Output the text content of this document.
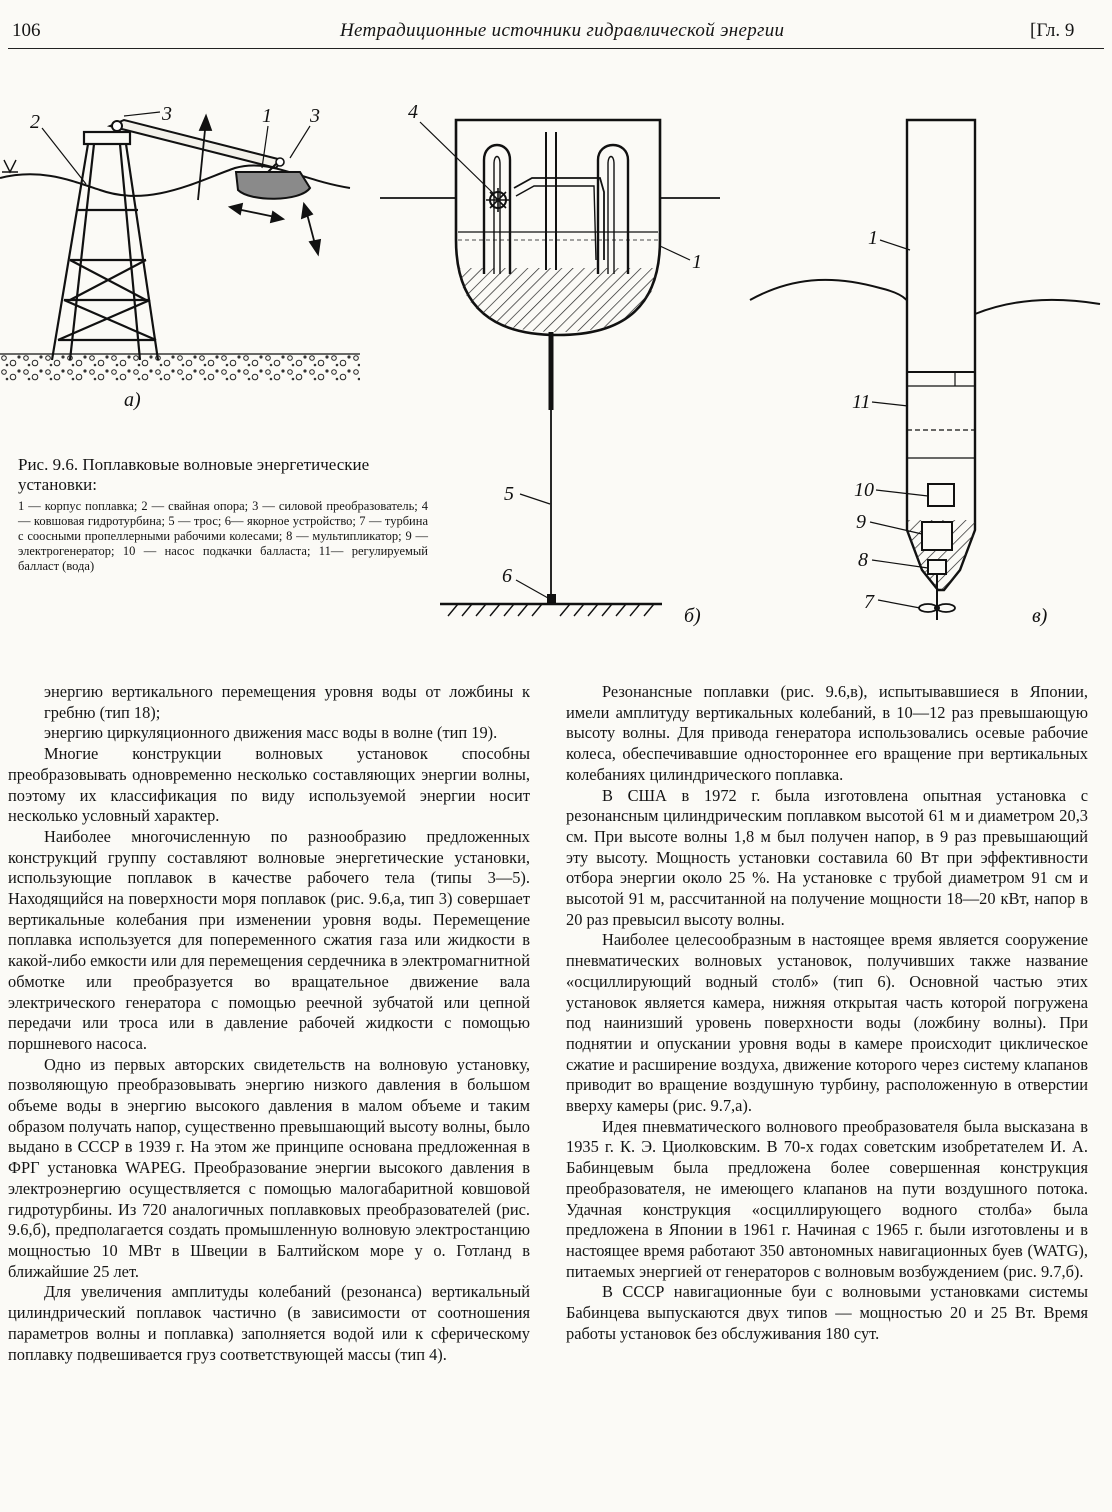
106	Нетрадиционные источники гидравлической энергии	[Гл. 9
2	3	1 3
а)
4
1
5
6
б)
1
11
10
9
8
7
в)
Рис. 9.6. Поплавковые волновые энергетические установки:
1 — корпус поплавка; 2 — свайная опора; 3 — силовой преобразователь; 4 — ковшовая гидротурбина; 5 — трос; 6— якорное устройство; 7 — турбина с соосными пропеллерными рабочими колесами; 8 — мультипликатор; 9 — электрогенератор; 10 — насос подкачки балласта; 11— регулируемый балласт (вода)

энергию вертикального перемещения уровня воды от ложбины к гребню (тип 18);

энергию циркуляционного движения масс воды в волне (тип 19).

Многие конструкции волновых установок способны преобразовывать одновременно несколько составляющих энергии волны, поэтому их классификация по виду используемой энергии носит несколько условный характер.

Наиболее многочисленную по разнообразию предложенных конструкций группу составляют волновые энергетические установки, использующие поплавок в качестве рабочего тела (типы 3—5). Находящийся на поверхности моря поплавок (рис. 9.6,а, тип 3) совершает вертикальные колебания при изменении уровня воды. Перемещение поплавка используется для попеременного сжатия газа или жидкости в какой-либо емкости или для перемещения сердечника в электромагнитной обмотке или преобразуется во вращательное движение вала электрического генератора с помощью реечной зубчатой или цепной передачи или троса или в давление рабочей жидкости с помощью поршневого насоса.

Одно из первых авторских свидетельств на волновую установку, позволяющую преобразовывать энергию низкого давления в большом объеме воды в энергию высокого давления в малом объеме и таким образом получать напор, существенно превышающий высоту волны, было выдано в СССР в 1939 г. На этом же принципе основана предложенная в ФРГ установка WAPEG. Преобразование энергии высокого давления в электроэнергию осуществляется с помощью малогабаритной ковшовой гидротурбины. Из 720 аналогичных поплавковых преобразователей (рис. 9.6,б), предполагается создать промышленную волновую электростанцию мощностью 10 МВт в Швеции в Балтийском море у о. Готланд в ближайшие 25 лет.

Для увеличения амплитуды колебаний (резонанса) вертикальный цилиндрический поплавок частично (в зависимости от соотношения параметров волны и поплавка) заполняется водой или к сферическому поплавку подвешивается груз соответствующей массы (тип 4).

Резонансные поплавки (рис. 9.6,в), испытывавшиеся в Японии, имели амплитуду вертикальных колебаний, в 10—12 раз превышающую высоту волны. Для привода генератора использовались осевые рабочие колеса, обеспечивавшие одностороннее его вращение при вертикальных колебаниях цилиндрического поплавка.

В США в 1972 г. была изготовлена опытная установка с резонансным цилиндрическим поплавком высотой 61 м и диаметром 20,3 см. При высоте волны 1,8 м был получен напор, в 9 раз превышающий эту высоту. Мощность установки составила 60 Вт при эффективности отбора энергии около 25 %. На установке с трубой диаметром 91 см и высотой 91 м, рассчитанной на получение мощности 18—20 кВт, напор в 20 раз превысил высоту волны.

Наиболее целесообразным в настоящее время является сооружение пневматических волновых установок, получивших также название «осциллирующий водный столб» (тип 6). Основной частью этих установок является камера, нижняя открытая часть которой погружена под наинизший уровень поверхности воды (ложбину волны). При поднятии и опускании уровня воды в камере происходит циклическое сжатие и расширение воздуха, движение которого через систему клапанов приводит во вращение воздушную турбину, расположенную в отверстии вверху камеры (рис. 9.7,а).

Идея пневматического волнового преобразователя была высказана в 1935 г. К. Э. Циолковским. В 70-х годах советским изобретателем И. А. Бабинцевым была предложена более совершенная конструкция преобразователя, не имеющего клапанов на пути воздушного потока. Удачная конструкция «осциллирующего водного столба» была предложена в Японии в 1961 г. Начиная с 1965 г. были изготовлены и в настоящее время работают 350 автономных навигационных буев (WATG), питаемых энергией от генераторов с волновым возбуждением (рис. 9.7,б).

В СССР навигационные буи с волновыми установками системы Бабинцева выпускаются двух типов — мощностью 20 и 25 Вт. Время работы установок без обслуживания 180 сут.
